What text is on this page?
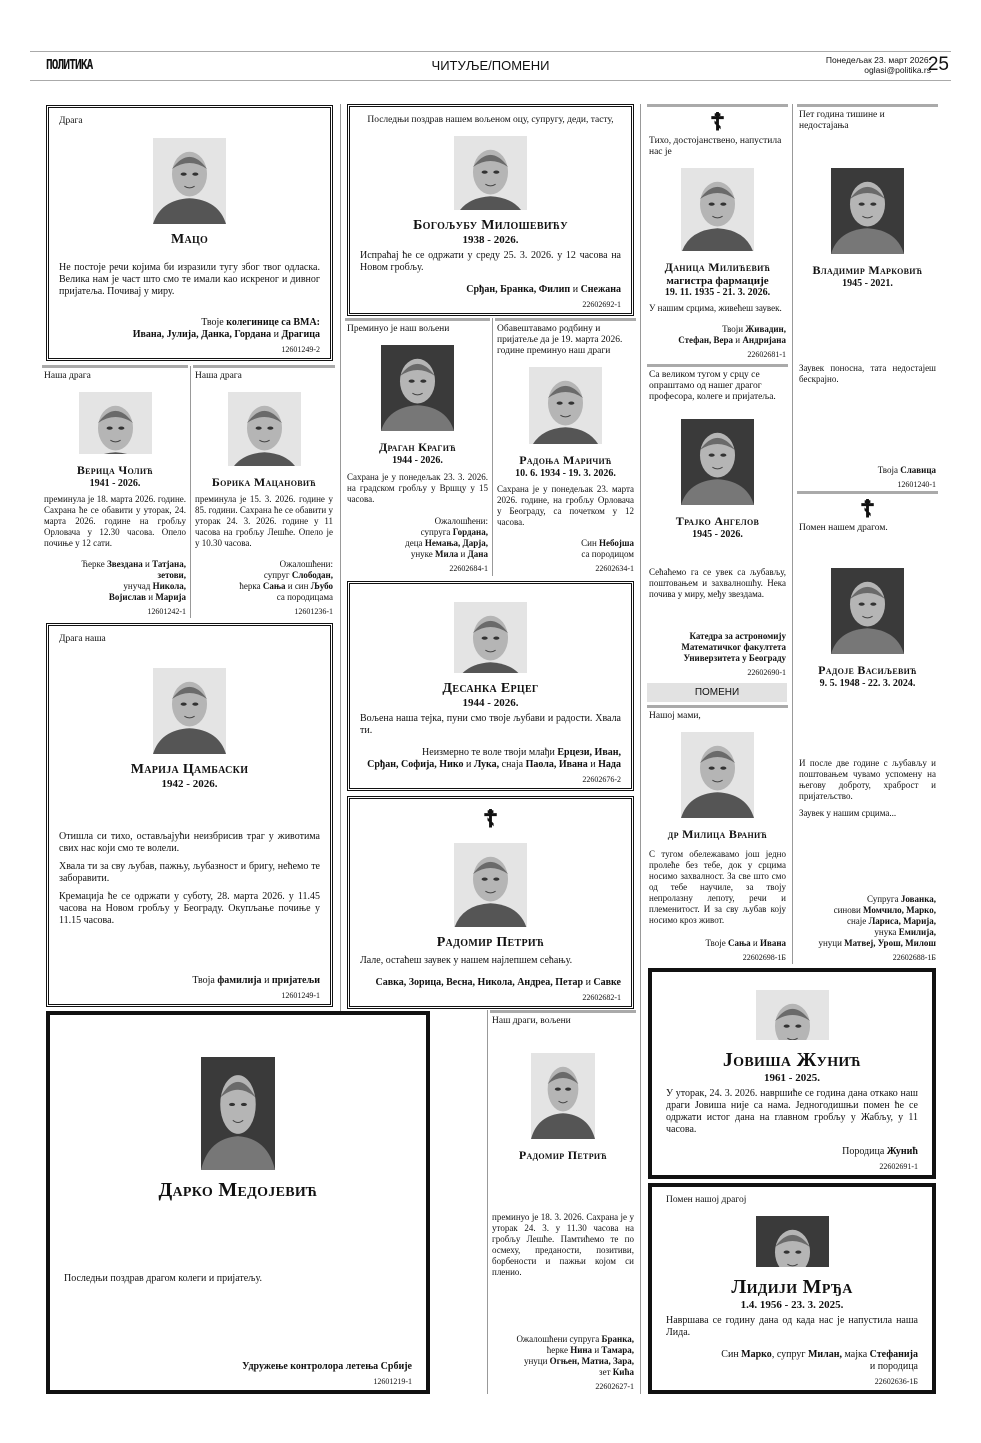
ПОЛИТИКА	ЧИТУЉЕ/ПОМЕНИ	Понедељак 23. март 2026.
oglasi@politika.rs
25
ПОМЕНИ
Драга
Мацо

Не постоје речи којима би изразили тугу због твог одласка. Велика нам је част што смо те имали као искреног и дивног пријатеља. Почивај у миру.

Твоје колегинице са ВМА:
Ивана, Јулија, Данка, Гордана и Драгица
12601249-2
Последњи поздрав нашем вољеном оцу, супругу, деди, тасту,
Богољубу Милошевићу
1938 - 2026.

Испраћај ће се одржати у среду 25. 3. 2026. у 12 часова на Новом гробљу.

Срђан, Бранка, Филип и Снежана
22602692-1
Наша драга
Верица Чолић
1941 - 2026.

преминула је 18. марта 2026. године. Сахрана ће се обавити у уторак, 24. марта 2026. године на гробљу Орловача у 12.30 часова. Опело почиње у 12 сати.

Ћерке Звездана и Татјана,
зетови,
унучад Никола,
Војислав и Марија
12601242-1
Наша драга
Борика Мацановић

преминула је 15. 3. 2026. године у 85. години. Сахрана ће се обавити у уторак 24. 3. 2026. године у 11 часова на гробљу Лешће. Опело је у 10.30 часова.

Ожалошћени:
супруг Слободан,
ћерка Сања и син Љубо
са породицама
12601236-1
Преминуо је наш вољени
Драган Крагић
1944 - 2026.

Сахрана је у понедељак 23. 3. 2026. на градском гробљу у Вршцу у 15 часова.

Ожалошћени:
супруга Гордана,
деца Немања, Дарја,
унуке Мила и Дана
22602684-1
Обавештавамо родбину и пријатеље да је 19. марта 2026. године преминуо наш драги
Радоња Маричић
10. 6. 1934 - 19. 3. 2026.

Сахрана је у понедељак 23. марта 2026. године, на гробљу Орловача у Београду, са почетком у 12 часова.

Син Небојша
са породицом
22602634-1
Драга наша
Марија Цамбаски
1942 - 2026.

Отишла си тихо, остављајући неизбрисив траг у животима свих нас који смо те волели.

Хвала ти за сву љубав, пажњу, љубазност и бригу, нећемо те заборавити.

Кремација ће се одржати у суботу, 28. марта 2026. у 11.45 часова на Новом гробљу у Београду. Окупљање почиње у 11.15 часова.

Твоја фамилија и пријатељи
12601249-1
Десанка Ерцег
1944 - 2026.

Вољена наша тејка, пуни смо твоје љубави и радости. Хвала ти.

Неизмерно те воле твоји млађи Ерцези, Иван,
Срђан, Софија, Нико и Лука, снаја Паола, Ивана и Нада
22602676-2
☦
Радомир Петрић

Лале, остаћеш заувек у нашем најлепшем сећању.

Савка, Зорица, Весна, Никола, Андреа, Петар и Савке
22602682-1
Дарко Медојевић

Последњи поздрав драгом колеги и пријатељу.

Удружење контролора летења Србије
12601219-1
Наш драги, вољени
Радомир Петрић

преминуо је 18. 3. 2026. Сахрана је у уторак 24. 3. у 11.30 часова на гробљу Лешће. Памтићемо те по осмеху, предaности, позитиви, борбености и пажњи којом си плениo.

Ожалошћени супруга Бранка,
ћерке Нина и Тамара,
унуци Огњен, Матиа, Зара,
зет Кића
22602627-1
☦
Тихо, достојанствено, напустила нас је
Даница Милићевић
магистра фармације
19. 11. 1935 - 21. 3. 2026.

У нашим срцима, живећеш заувек.

Твоји Живадин,
Стефан, Вера и Андријана
22602681-1
Са великом тугом у срцу се опраштамо од нашег драгог професора, колеге и пријатеља.
Трајко Ангелов
1945 - 2026.

Сећаћемо га се увек са љубављу, поштовањем и захвалношћу. Нека почива у миру, међу звездама.

Катедра за астрономију
Математичког факултета
Универзитета у Београду
22602690-1
Нашој мами,
др Милица Вранић

С тугом обележавамо још једно пролеће без тебе, док у срцима носимо захвалност. За све што смо од тебе научиле, за твоју непролазну лепоту, речи и племенитост. И за сву љубав коју носимо кроз живот.

Твоје Сања и Ивана
22602698-1Б
Пет година тишине и недостајања
Владимир Марковић
1945 - 2021.

Заувек поносна, тата недостајеш бескрајно.

Твоја Славица
12601240-1
☦
Помен нашем драгом.
Радоје Васиљевић
9. 5. 1948 - 22. 3. 2024.

И после две године с љубављу и поштовањем чувамо успомену на његову доброту, храброст и пријатељство.

Заувек у нашим срцима...

Супруга Јованка,
синови Момчило, Марко,
снаје Лариса, Марија,
унука Емилија,
унуци Матвеј, Урош, Милош
22602688-1Б
Јовиша Жунић
1961 - 2025.

У уторак, 24. 3. 2026. навршиће се година дана откако наш драги Јовиша није са нама. Једногодишњи помен ће се одржати истог дана на главном гробљу у Жабљу, у 11 часова.

Породица Жунић
22602691-1
Помен нашој драгој
Лидији Мрђа
1.4. 1956 - 23. 3. 2025.

Навршава се годину дана од када нас је напустила наша Лида.

Син Марко, супруг Милан, мајка Стефанија
и породица
22602636-1Б
